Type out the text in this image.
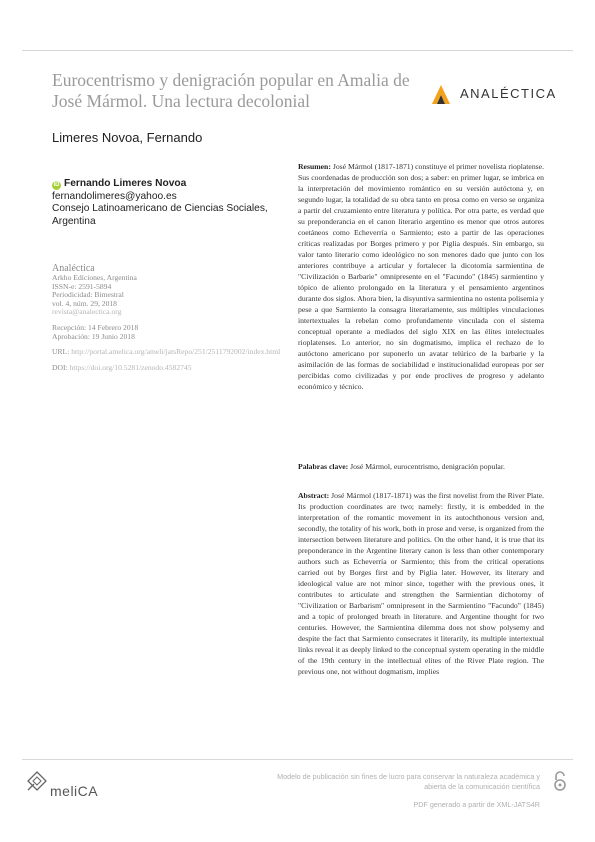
Eurocentrismo y denigración popular en Amalia de José Mármol. Una lectura decolonial	ANALÉCTICA
Limeres Novoa, Fernando
iD Fernando Limeres Novoa
fernandolimeres@yahoo.es
Consejo Latinoamericano de Ciencias Sociales,
Argentina
Analéctica
Arkho Ediciones, Argentina
ISSN-e: 2591-5894
Periodicidad: Bimestral
vol. 4, núm. 29, 2018
revista@analectica.org
Recepción: 14 Febrero 2018
Aprobación: 19 Junio 2018
URL: http://portal.amelica.org/ameli/jatsRepo/251/2511792002/index.html
DOI: https://doi.org/10.5281/zenodo.4582745
Resumen: José Mármol (1817-1871) constituye el primer novelista rioplatense. Sus coordenadas de producción son dos; a saber: en primer lugar, se imbrica en la interpretación del movimiento romántico en su versión autóctona y, en segundo lugar, la totalidad de su obra tanto en prosa como en verso se organiza a partir del cruzamiento entre literatura y política. Por otra parte, es verdad que su preponderancia en el canon literario argentino es menor que otros autores coetáneos como Echeverría o Sarmiento; esto a partir de las operaciones críticas realizadas por Borges primero y por Piglia después. Sin embargo, su valor tanto literario como ideológico no son menores dado que junto con los anteriores contribuye a articular y fortalecer la dicotomía sarmientina de "Civilización o Barbarie" omnipresente en el "Facundo" (1845) sarmientino y tópico de aliento prolongado en la literatura y el pensamiento argentinos durante dos siglos. Ahora bien, la disyuntiva sarmientina no ostenta polisemia y pese a que Sarmiento la consagra literariamente, sus múltiples vinculaciones intertextuales la rebelan como profundamente vinculada con el sistema conceptual operante a mediados del siglo XIX en las élites intelectuales rioplatenses. Lo anterior, no sin dogmatismo, implica el rechazo de lo autóctono americano por suponerlo un avatar telúrico de la barbarie y la asimilación de las formas de sociabilidad e institucionalidad europeas por ser percibidas como civilizadas y por ende proclives de progreso y adelanto económico y técnico.
Palabras clave: José Mármol, eurocentrismo, denigración popular.
Abstract: José Mármol (1817-1871) was the first novelist from the River Plate. Its production coordinates are two; namely: firstly, it is embedded in the interpretation of the romantic movement in its autochthonous version and, secondly, the totality of his work, both in prose and verse, is organized from the intersection between literature and politics. On the other hand, it is true that its preponderance in the Argentine literary canon is less than other contemporary authors such as Echeverría or Sarmiento; this from the critical operations carried out by Borges first and by Piglia later. However, its literary and ideological value are not minor since, together with the previous ones, it contributes to articulate and strengthen the Sarmientian dichotomy of "Civilization or Barbarism" omnipresent in the Sarmientino "Facundo" (1845) and a topic of prolonged breath in literature. and Argentine thought for two centuries. However, the Sarmientina dilemma does not show polysemy and despite the fact that Sarmiento consecrates it literarily, its multiple intertextual links reveal it as deeply linked to the conceptual system operating in the middle of the 19th century in the intellectual elites of the River Plate region. The previous one, not without dogmatism, implies
meliCA
Modelo de publicación sin fines de lucro para conservar la naturaleza académica y abierta de la comunicación científica
PDF generado a partir de XML-JATS4R
